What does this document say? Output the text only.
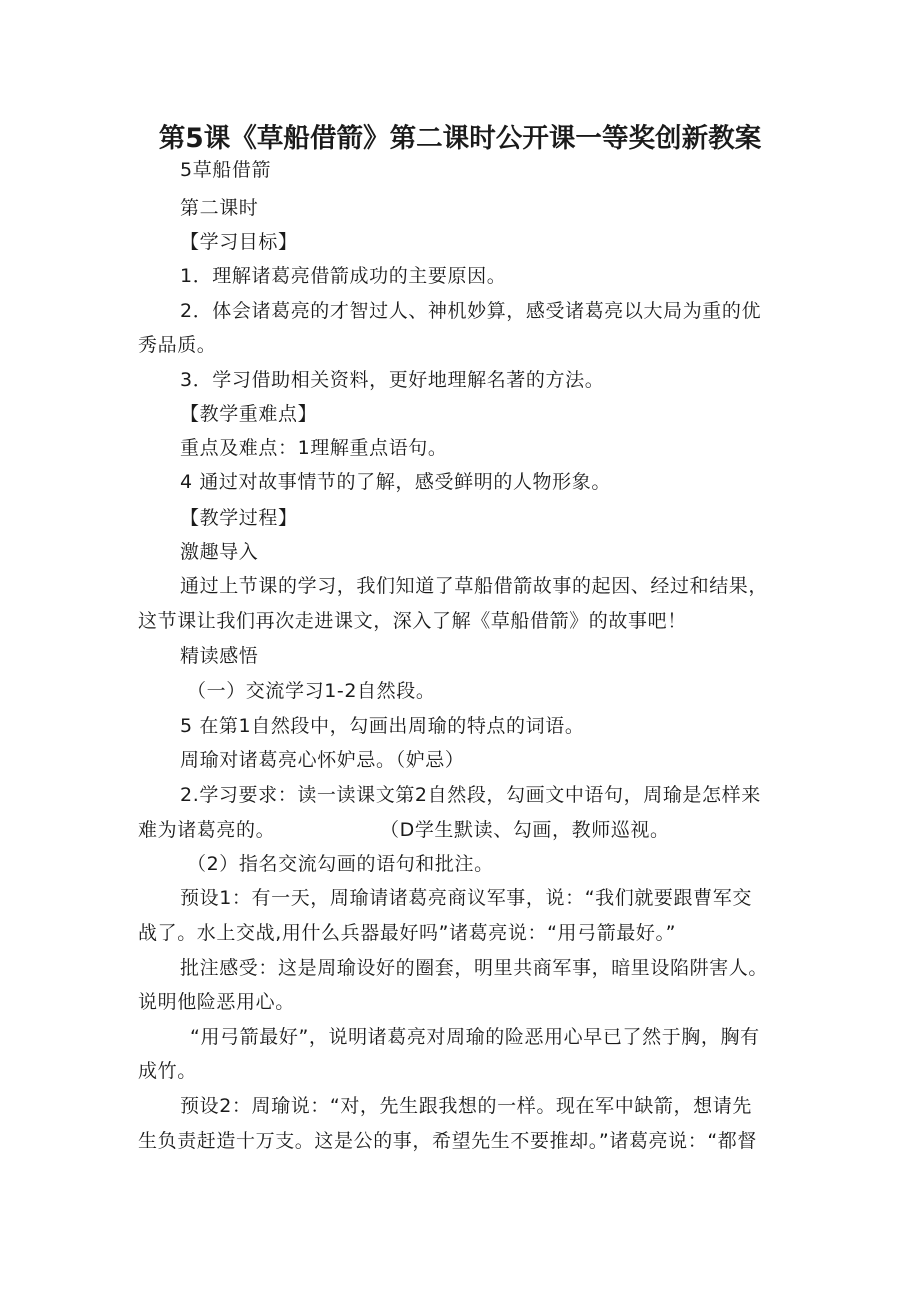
第5课《草船借箭》第二课时公开课一等奖创新教案
5草船借箭
第二课时
【学习目标】
1．理解诸葛亮借箭成功的主要原因。
2．体会诸葛亮的才智过人、神机妙算，感受诸葛亮以大局为重的优
秀品质。
3．学习借助相关资料，更好地理解名著的方法。
【教学重难点】
重点及难点：1理解重点语句。
4 通过对故事情节的了解，感受鲜明的人物形象。
【教学过程】
激趣导入
通过上节课的学习，我们知道了草船借箭故事的起因、经过和结果，
这节课让我们再次走进课文，深入了解《草船借箭》的故事吧！
精读感悟
（一）交流学习1-2自然段。
5 在第1自然段中，勾画出周瑜的特点的词语。
周瑜对诸葛亮心怀妒忌。（妒忌）
2.学习要求：读一读课文第2自然段，勾画文中语句，周瑜是怎样来
难为诸葛亮的。	（D学生默读、勾画，教师巡视。
（2）指名交流勾画的语句和批注。
预设1：有一天，周瑜请诸葛亮商议军事，说：“我们就要跟曹军交
战了。水上交战,用什么兵器最好吗”诸葛亮说：“用弓箭最好。”
批注感受：这是周瑜设好的圈套，明里共商军事，暗里设陷阱害人。
说明他险恶用心。
“用弓箭最好”，说明诸葛亮对周瑜的险恶用心早已了然于胸，胸有
成竹。
预设2：周瑜说：“对，先生跟我想的一样。现在军中缺箭，想请先
生负责赶造十万支。这是公的事，希望先生不要推却。”诸葛亮说：“都督
